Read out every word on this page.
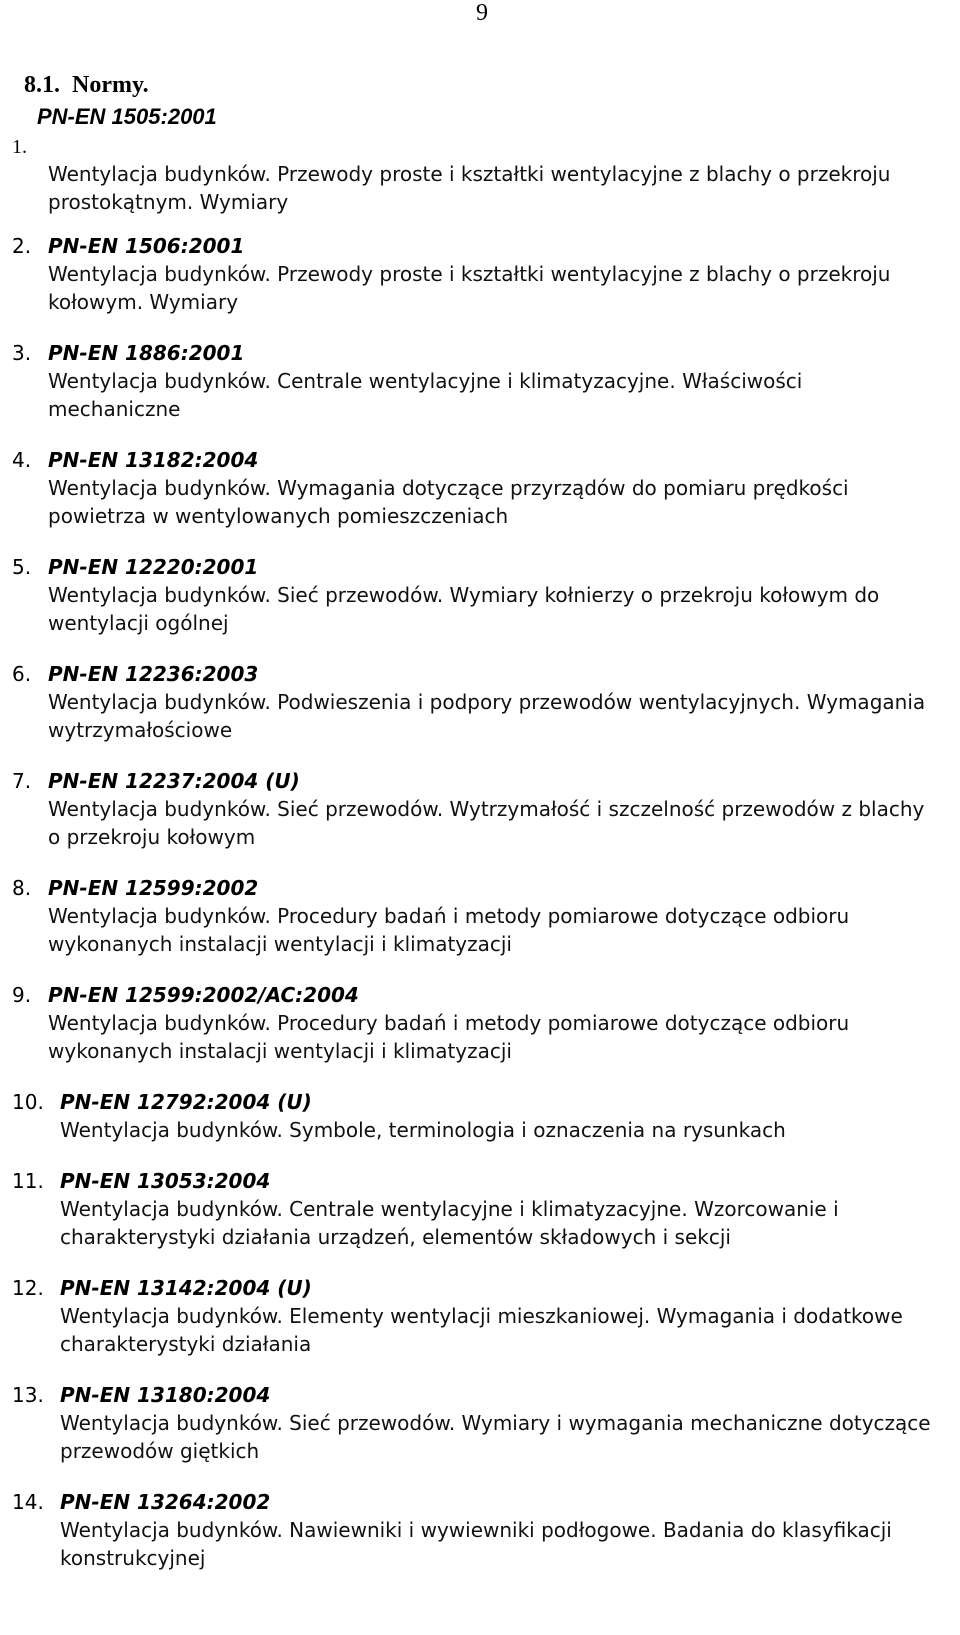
9
8.1. Normy.
PN-EN 1505:2001
1.
Wentylacja budynków. Przewody proste i kształtki wentylacyjne z blachy o przekroju prostokątnym. Wymiary
2. PN-EN 1506:2001
Wentylacja budynków. Przewody proste i kształtki wentylacyjne z blachy o przekroju kołowym. Wymiary
3. PN-EN 1886:2001
Wentylacja budynków. Centrale wentylacyjne i klimatyzacyjne. Właściwości mechaniczne
4. PN-EN 13182:2004
Wentylacja budynków. Wymagania dotyczące przyrządów do pomiaru prędkości powietrza w wentylowanych pomieszczeniach
5. PN-EN 12220:2001
Wentylacja budynków. Sieć przewodów. Wymiary kołnierzy o przekroju kołowym do wentylacji ogólnej
6. PN-EN 12236:2003
Wentylacja budynków. Podwieszenia i podpory przewodów wentylacyjnych. Wymagania wytrzymałościowe
7. PN-EN 12237:2004 (U)
Wentylacja budynków. Sieć przewodów. Wytrzymałość i szczelność przewodów z blachy o przekroju kołowym
8. PN-EN 12599:2002
Wentylacja budynków. Procedury badań i metody pomiarowe dotyczące odbioru wykonanych instalacji wentylacji i klimatyzacji
9. PN-EN 12599:2002/AC:2004
Wentylacja budynków. Procedury badań i metody pomiarowe dotyczące odbioru wykonanych instalacji wentylacji i klimatyzacji
10. PN-EN 12792:2004 (U)
Wentylacja budynków. Symbole, terminologia i oznaczenia na rysunkach
11. PN-EN 13053:2004
Wentylacja budynków. Centrale wentylacyjne i klimatyzacyjne. Wzorcowanie i charakterystyki działania urządzeń, elementów składowych i sekcji
12. PN-EN 13142:2004 (U)
Wentylacja budynków. Elementy wentylacji mieszkaniowej. Wymagania i dodatkowe charakterystyki działania
13. PN-EN 13180:2004
Wentylacja budynków. Sieć przewodów. Wymiary i wymagania mechaniczne dotyczące przewodów giętkich
14. PN-EN 13264:2002
Wentylacja budynków. Nawiewniki i wywiewniki podłogowe. Badania do klasyfikacji konstrukcyjnej
